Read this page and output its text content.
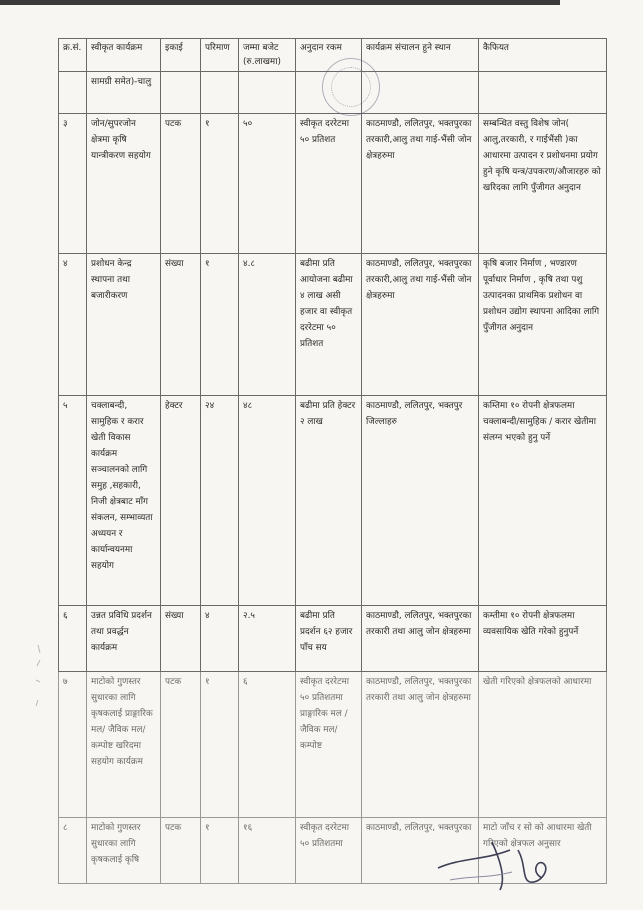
क्र.सं.	स्वीकृत कार्यक्रम	इकाई	परिमाण	जम्मा बजेट (रु.लाखमा)	अनुदान रकम	कार्यक्रम संचालन हुने स्थान	कैफियत
	सामग्री समेत)-चालु						
३	जोन/सुपरजोन क्षेत्रमा कृषि यान्त्रीकरण सहयोग	पटक	१	५०	स्वीकृत दररेटमा ५० प्रतिशत	काठमाण्डौ, ललितपुर, भक्तपुरका तरकारी,आलु तथा गाई-भैंसी जोन क्षेत्रहरुमा	सम्बन्धित वस्तु विशेष जोन( आलु,तरकारी, र गाईभैंसी )का आधारमा उत्पादन र प्रशोधनमा प्रयोग हुने कृषि यन्त्र/उपकरण/औजारहरु को खरिदका लागि पुँजीगत अनुदान
४	प्रशोधन केन्द्र स्थापना तथा बजारीकरण	संख्या	१	४.८	बढीमा प्रति आयोजना बढीमा ४ लाख असी हजार वा स्वीकृत दररेटमा ५० प्रतिशत	काठमाण्डौ, ललितपुर, भक्तपुरका तरकारी,आलु तथा गाई-भैंसी जोन क्षेत्रहरुमा	कृषि बजार निर्माण , भण्डारण पूर्वाधार निर्माण , कृषि तथा पशु उत्पादनका प्राथमिक प्रशोधन वा प्रशोधन उद्योग स्थापना आदिका लागि पुँजीगत अनुदान
५	चक्लाबन्दी, सामुहिक र करार खेती विकास कार्यक्रम सञ्चालनको लागि समुह ,सहकारी, निजी क्षेत्रबाट माँग संकलन, सम्भाव्यता अध्ययन र कार्यान्वयनमा सहयोग	हेक्टर	२४	४८	बढीमा प्रति हेक्टर २ लाख	काठमाण्डौ, ललितपुर, भक्तपुर जिल्लाहरु	कम्तिमा १० रोपनी क्षेत्रफलमा चक्लाबन्दी/सामुहिक / करार खेतीमा संलग्न भएको हुनु पर्ने
६	उन्नत प्रविधि प्रदर्शन तथा प्रवर्द्धन कार्यक्रम	संख्या	४	२.५	बढीमा प्रति प्रदर्शन ६२ हजार पाँच सय	काठमाण्डौ, ललितपुर, भक्तपुरका तरकारी तथा आलु जोन क्षेत्रहरुमा	कम्तीमा १० रोपनी क्षेत्रफलमा व्यवसायिक खेति गरेको हुनुपर्ने
७	माटोको गुणस्तर सुधारका लागि कृषकलाई प्राङ्गारिक मल/ जैविक मल/ कम्पोष्ट खरिदमा सहयोग कार्यक्रम	पटक	१	६	स्वीकृत दररेटमा ५० प्रतिशतमा प्राङ्गारिक मल /जैविक मल/ कम्पोष्ट	काठमाण्डौ, ललितपुर, भक्तपुरका तरकारी तथा आलु जोन क्षेत्रहरुमा	खेती गरिएको क्षेत्रफलको आधारमा
८	माटोको गुणस्तर सुधारका लागि कृषकलाई कृषि	पटक	१	१६	स्वीकृत दररेटमा ५० प्रतिशतमा	काठमाण्डौ, ललितपुर, भक्तपुरका	माटो जाँच र सो को आधारमा खेती गरिएको क्षेत्रफल अनुसार
